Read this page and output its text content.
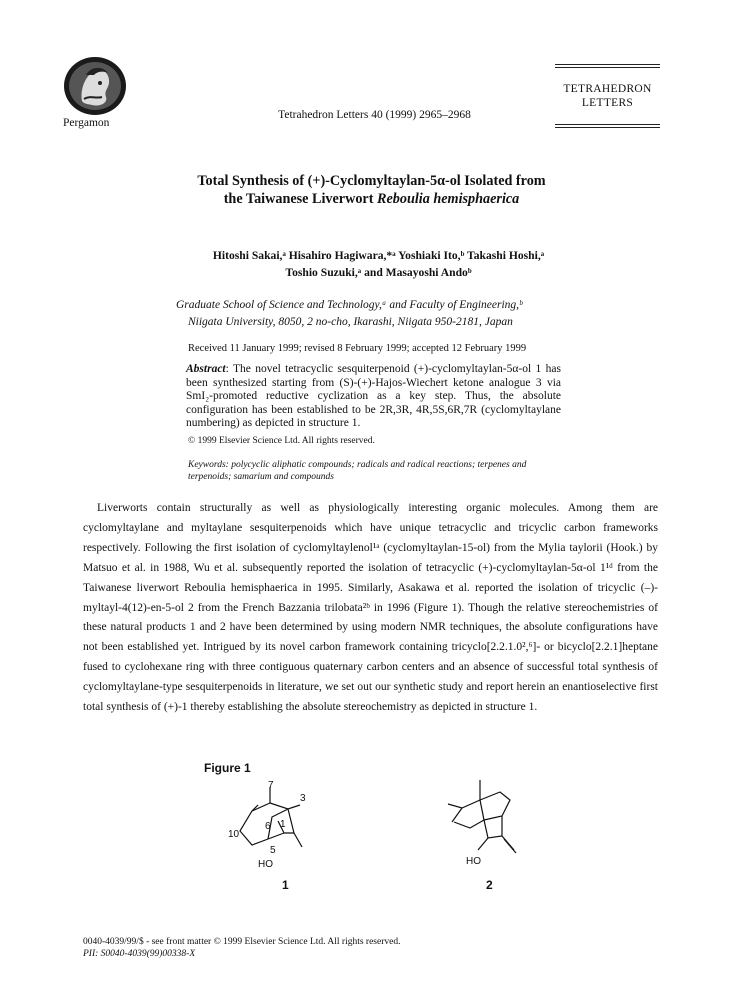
Pergamon
Tetrahedron Letters 40 (1999) 2965–2968
TETRAHEDRON
LETTERS
Total Synthesis of (+)-Cyclomyltaylan-5α-ol Isolated from
the Taiwanese Liverwort Reboulia hemisphaerica
Hitoshi Sakai,ᵃ Hisahiro Hagiwara,*ᵃ Yoshiaki Ito,ᵇ Takashi Hoshi,ᵃ
Toshio Suzuki,ᵃ and Masayoshi Andoᵇ
Graduate School of Science and Technology,ᵃ and Faculty of Engineering,ᵇ
Niigata University, 8050, 2 no-cho, Ikarashi, Niigata 950-2181, Japan
Received 11 January 1999; revised 8 February 1999; accepted 12 February 1999
Abstract: The novel tetracyclic sesquiterpenoid (+)-cyclomyltaylan-5α-ol 1 has been synthesized starting from (S)-(+)-Hajos-Wiechert ketone analogue 3 via SmI₂-promoted reductive cyclization as a key step. Thus, the absolute configuration has been established to be 2R,3R, 4R,5S,6R,7R (cyclomyltaylane numbering) as depicted in structure 1.
© 1999 Elsevier Science Ltd. All rights reserved.
Keywords: polycyclic aliphatic compounds; radicals and radical reactions; terpenes and terpenoids; samarium and compounds

Liverworts contain structurally as well as physiologically interesting organic molecules. Among them are cyclomyltaylane and myltaylane sesquiterpenoids which have unique tetracyclic and tricyclic carbon frameworks respectively. Following the first isolation of cyclomyltaylenol¹ᵃ (cyclomyltaylan-15-ol) from the Mylia taylorii (Hook.) by Matsuo et al. in 1988, Wu et al. subsequently reported the isolation of tetracyclic (+)-cyclomyltaylan-5α-ol 1¹ᵈ from the Taiwanese liverwort Reboulia hemisphaerica in 1995. Similarly, Asakawa et al. reported the isolation of tricyclic (–)-myltayl-4(12)-en-5-ol 2 from the French Bazzania trilobata²ᵇ in 1996 (Figure 1). Though the relative stereochemistries of these natural products 1 and 2 have been determined by using modern NMR techniques, the absolute configurations have not been established yet. Intrigued by its novel carbon framework containing tricyclo[2.2.1.0²,⁶]- or bicyclo[2.2.1]heptane fused to cyclohexane ring with three contiguous quaternary carbon centers and an absence of successful total synthesis of cyclomyltaylane-type sesquiterpenoids in literature, we set out our synthetic study and report herein an enantioselective first total synthesis of (+)-1 thereby establishing the absolute stereochemistry as depicted in structure 1.

Figure 1
7
3
1
6
10
5
HO	HO
1	2
0040-4039/99/$ - see front matter © 1999 Elsevier Science Ltd. All rights reserved.
PII: S0040-4039(99)00338-X
